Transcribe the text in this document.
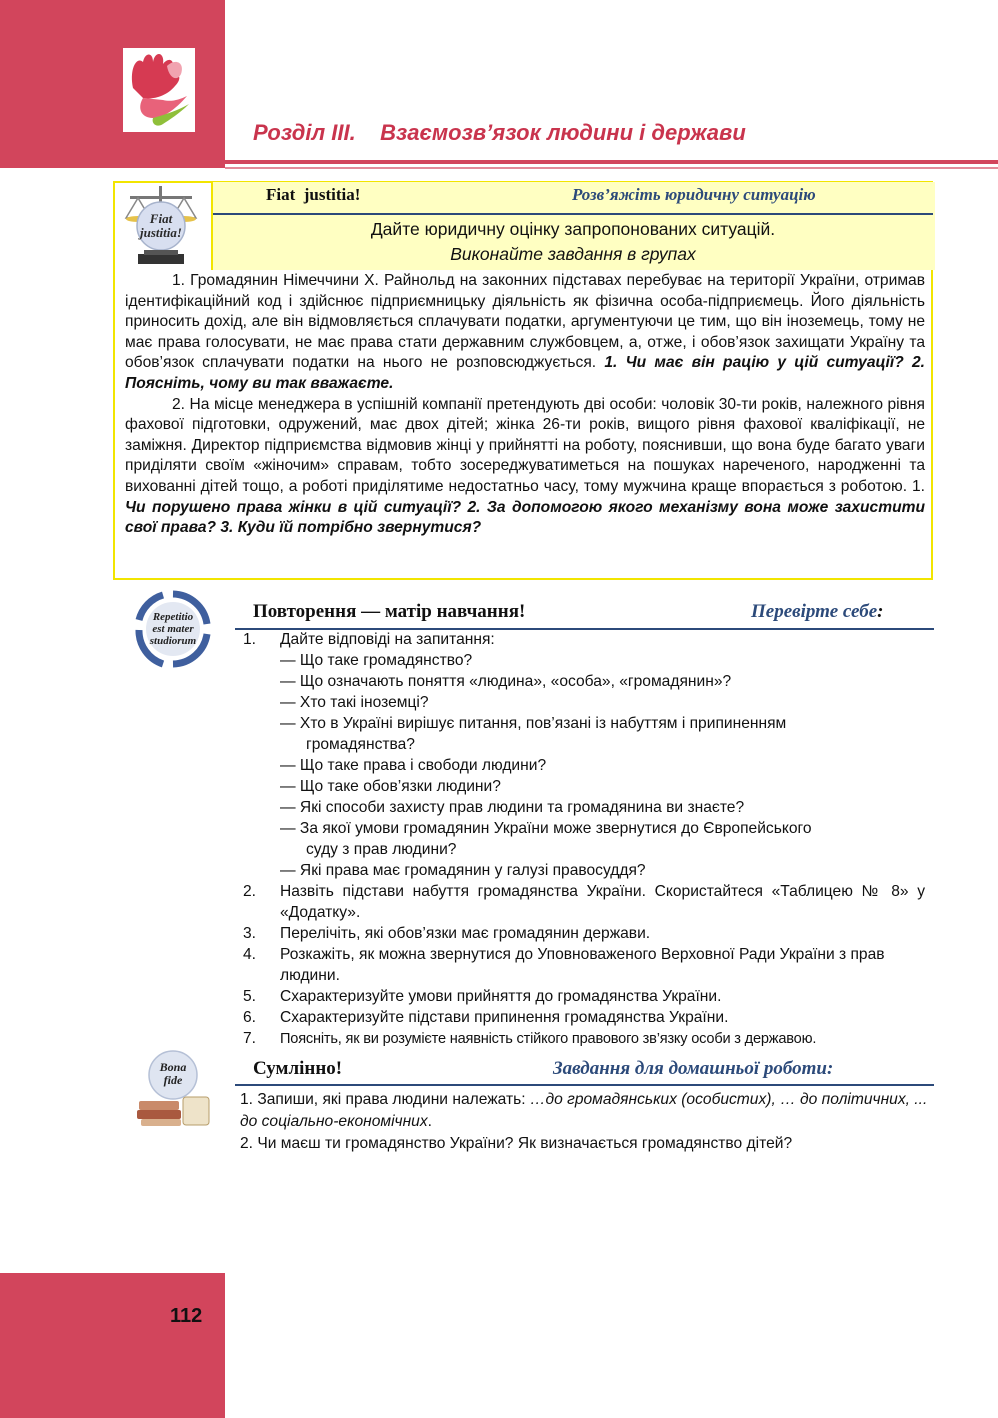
Розділ ІІІ.    Взаємозв’язок людини і держави
Fiat
justitia!
Fiat  justitia!	Розв’яжіть юридичну ситуацію
Дайте юридичну оцінку запропонованих ситуацій.
Виконайте завдання в групах

1. Громадянин Німеччини Х. Райнольд на законних підставах перебуває на території України, отримав ідентифікаційний код і здійснює підприємницьку діяльність як фізична особа-підприємець. Його діяльність приносить дохід, але він відмовляється сплачувати податки, аргументуючи це тим, що він іноземець, тому не має права голосувати, не має права стати державним службовцем, а, отже, і обов’язок захищати Україну та обов’язок сплачувати податки на нього не розповсюджується. 1. Чи має він рацію у цій ситуації? 2. Поясніть, чому ви так вважаєте.

2. На місце менеджера в успішній компанії претендують дві особи: чоловік 30-ти років, належного рівня фахової підготовки, одружений, має двох дітей; жінка 26-ти років, вищого рівня фахової кваліфікації, не заміжня. Директор підприємства відмовив жінці у прийнятті на роботу, пояснивши, що вона буде багато уваги приділяти своїм «жіночим» справам, тобто зосереджуватиметься на пошуках нареченого, народженні та вихованні дітей тощо, а роботі приділятиме недостатньо часу, тому мужчина краще впорається з роботою. 1. Чи порушено права жінки в цій ситуації? 2. За допомогою якого механізму вона може захистити свої права? 3. Куди їй потрібно звернутися?

Repetitio
est mater
studiorum
Повторення — матір навчання!	Перевірте себе:
1. Дайте відповіді на запитання:
— Що таке громадянство?
— Що означають поняття «людина», «особа», «громадянин»?
— Хто такі іноземці?
— Хто в Україні вирішує питання, пов’язані із набуттям і припиненням
громадянства?
— Що таке права і свободи людини?
— Що таке обов’язки людини?
— Які способи захисту прав людини та громадянина ви знаєте?
— За якої умови громадянин України може звернутися до Європейського
суду з прав людини?
— Які права має громадянин у галузі правосуддя?
2. Назвіть підстави набуття громадянства України. Скористайтеся «Таблицею № 8» у «Додатку».
3. Перелічіть, які обов’язки має громадянин держави.
4. Розкажіть, як можна звернутися до Уповноваженого Верховної Ради України з прав людини.
5. Схарактеризуйте умови прийняття до громадянства України.
6. Схарактеризуйте підстави припинення громадянства України.
7. Поясніть, як ви розумієте наявність стійкого правового зв’язку особи з державою.
Bona
fide
Сумлінно!	Завдання для домашньої роботи:

1. Запиши, які права людини належать: …до громадянських (особистих), … до політичних, ... до соціально-економічних.

2. Чи маєш ти громадянство України? Як визначається громадянство дітей?

112
